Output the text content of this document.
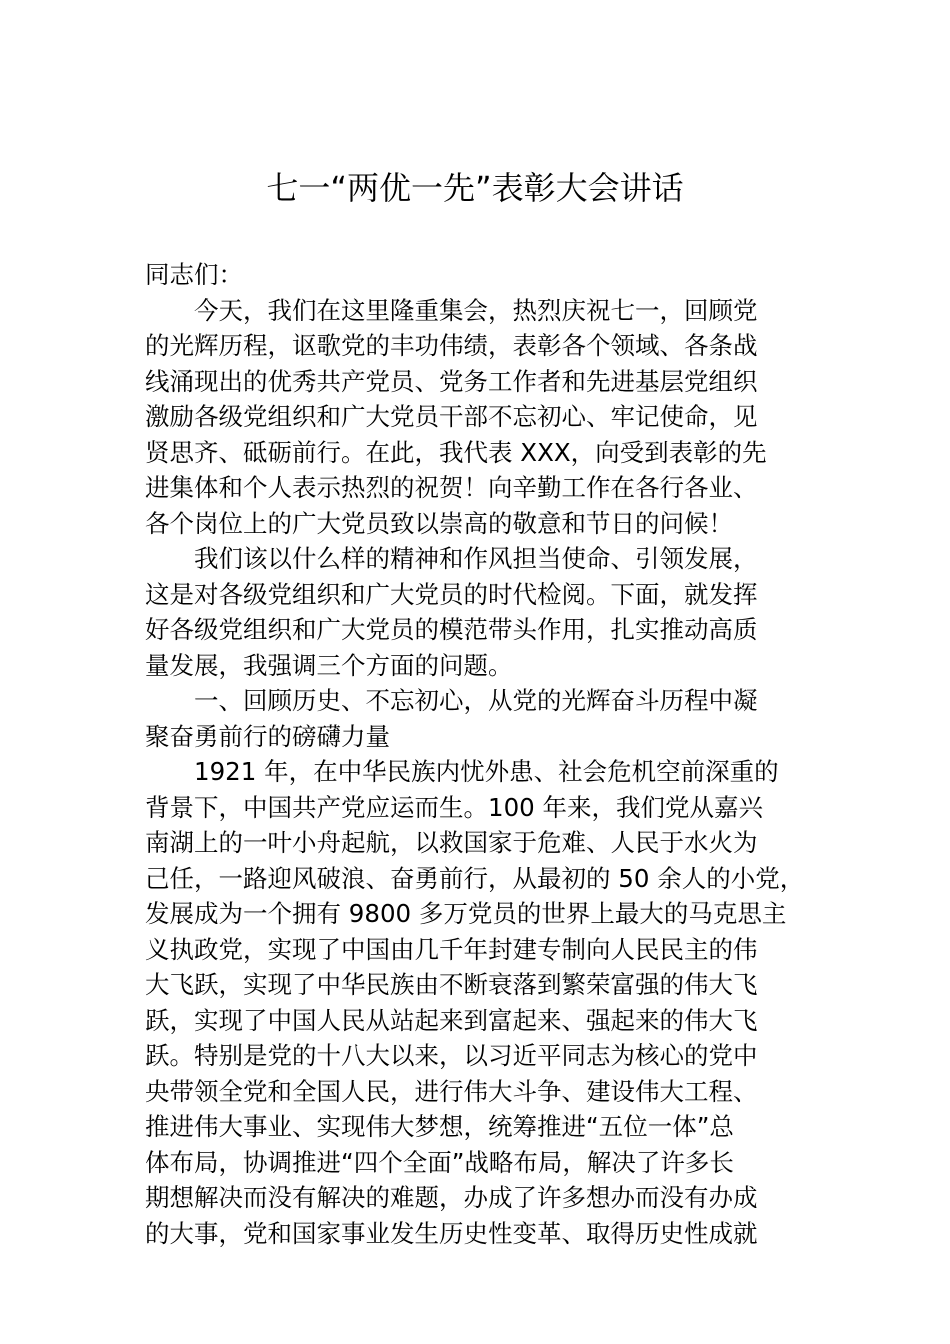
七一“两优一先”表彰大会讲话
同志们：
今天，我们在这里隆重集会，热烈庆祝七一，回顾党
的光辉历程，讴歌党的丰功伟绩，表彰各个领域、各条战
线涌现出的优秀共产党员、党务工作者和先进基层党组织
激励各级党组织和广大党员干部不忘初心、牢记使命，见
贤思齐、砥砺前行。在此，我代表 XXX，向受到表彰的先
进集体和个人表示热烈的祝贺！向辛勤工作在各行各业、
各个岗位上的广大党员致以崇高的敬意和节日的问候！
我们该以什么样的精神和作风担当使命、引领发展，
这是对各级党组织和广大党员的时代检阅。下面，就发挥
好各级党组织和广大党员的模范带头作用，扎实推动高质
量发展，我强调三个方面的问题。
一、回顾历史、不忘初心，从党的光辉奋斗历程中凝
聚奋勇前行的磅礴力量
1921 年，在中华民族内忧外患、社会危机空前深重的
背景下，中国共产党应运而生。100 年来，我们党从嘉兴
南湖上的一叶小舟起航，以救国家于危难、人民于水火为
己任，一路迎风破浪、奋勇前行，从最初的 50 余人的小党，
发展成为一个拥有 9800 多万党员的世界上最大的马克思主
义执政党，实现了中国由几千年封建专制向人民民主的伟
大飞跃，实现了中华民族由不断衰落到繁荣富强的伟大飞
跃，实现了中国人民从站起来到富起来、强起来的伟大飞
跃。特别是党的十八大以来，以习近平同志为核心的党中
央带领全党和全国人民，进行伟大斗争、建设伟大工程、
推进伟大事业、实现伟大梦想，统筹推进“五位一体”总
体布局，协调推进“四个全面”战略布局，解决了许多长
期想解决而没有解决的难题，办成了许多想办而没有办成
的大事，党和国家事业发生历史性变革、取得历史性成就
